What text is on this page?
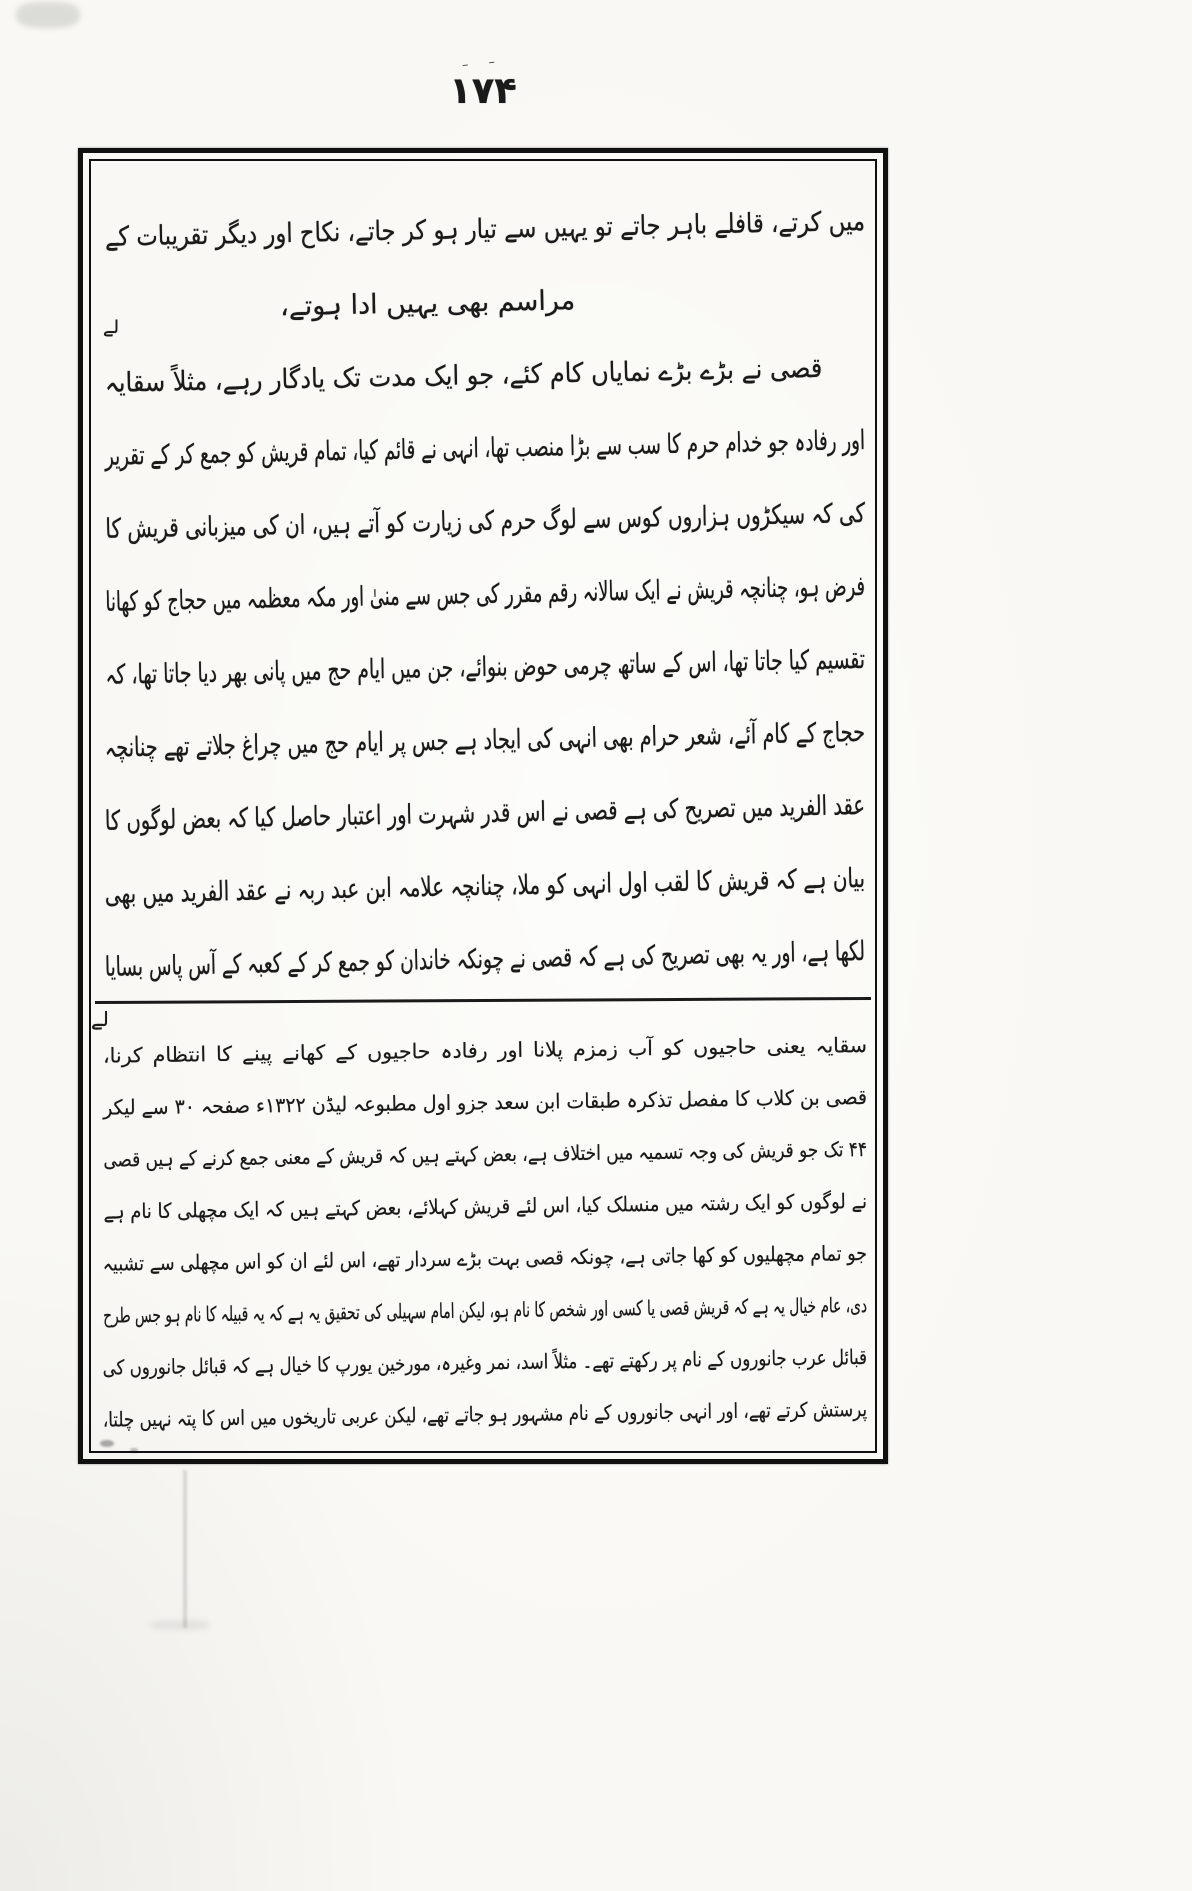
– –
۱۷۴
میں کرتے، قافلے باہر جاتے تو یہیں سے تیار ہو کر جاتے، نکاح اور دیگر تقریبات کے
مراسم بھی یہیں ادا ہوتے،
قصی نے بڑے بڑے نمایاں کام کئے، جو ایک مدت تک یادگار رہے، مثلاً سقایہ
اور رفادہ جو خدام حرم کا سب سے بڑا منصب تھا، انہی نے قائم کیا، تمام قریش کو جمع کر کے تقریر
کی کہ سیکڑوں ہزاروں کوس سے لوگ حرم کی زیارت کو آتے ہیں، ان کی میزبانی قریش کا
فرض ہو، چنانچہ قریش نے ایک سالانہ رقم مقرر کی جس سے منیٰ اور مکہ معظمہ میں حجاج کو کھانا
تقسیم کیا جاتا تھا، اس کے ساتھ چرمی حوض بنوائے، جن میں ایام حج میں پانی بھر دیا جاتا تھا، کہ
حجاج کے کام آئے، شعر حرام بھی انہی کی ایجاد ہے جس پر ایام حج میں چراغ جلاتے تھے چنانچہ
عقد الفرید میں تصریح کی ہے قصی نے اس قدر شہرت اور اعتبار حاصل کیا کہ بعض لوگوں کا
بیان ہے کہ قریش کا لقب اول انہی کو ملا، چنانچہ علامہ ابن عبد ربہ نے عقد الفرید میں بھی
لکھا ہے، اور یہ بھی تصریح کی ہے کہ قصی نے چونکہ خاندان کو جمع کر کے کعبہ کے آس پاس بسایا
لے
لے
سقایہ یعنی حاجیوں کو آب زمزم پلانا اور رفادہ حاجیوں کے کھانے پینے کا انتظام کرنا،
قصی بن کلاب کا مفصل تذکرہ طبقات ابن سعد جزو اول مطبوعہ لیڈن ۱۳۲۲ء صفحہ ۳۰ سے لیکر
۴۴ تک جو قریش کی وجہ تسمیہ میں اختلاف ہے، بعض کہتے ہیں کہ قریش کے معنی جمع کرنے کے ہیں قصی
نے لوگوں کو ایک رشتہ میں منسلک کیا، اس لئے قریش کہلائے، بعض کہتے ہیں کہ ایک مچھلی کا نام ہے
جو تمام مچھلیوں کو کھا جاتی ہے، چونکہ قصی بہت بڑے سردار تھے، اس لئے ان کو اس مچھلی سے تشبیہ
دی، عام خیال یہ ہے کہ قریش قصی یا کسی اور شخص کا نام ہو، لیکن امام سہیلی کی تحقیق یہ ہے کہ یہ قبیلہ کا نام ہو جس طرح
قبائل عرب جانوروں کے نام پر رکھتے تھے۔ مثلاً اسد، نمر وغیرہ، مورخین یورپ کا خیال ہے کہ قبائل جانوروں کی
پرستش کرتے تھے، اور انہی جانوروں کے نام مشہور ہو جاتے تھے، لیکن عربی تاریخوں میں اس کا پتہ نہیں چلتا،
